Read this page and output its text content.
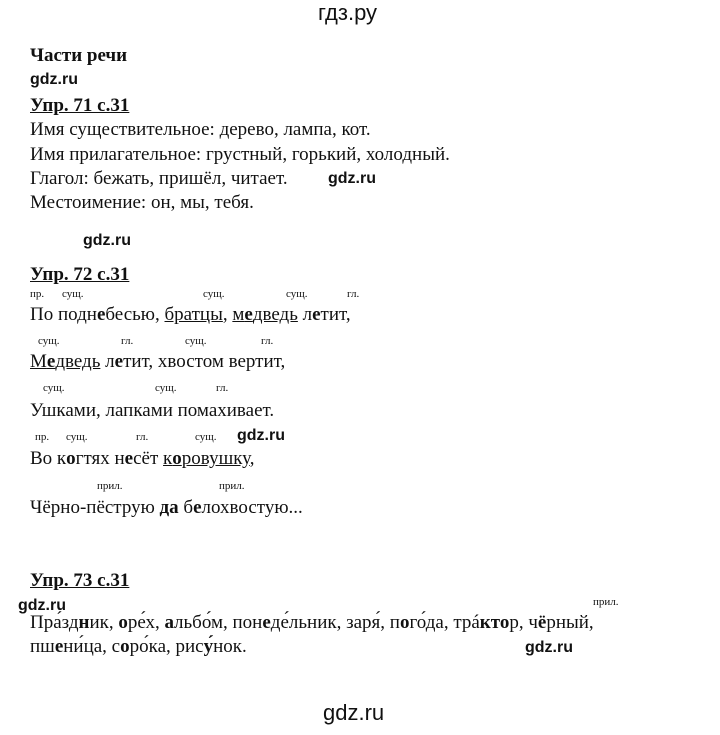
гдз.ру
gdz.ru
Части речи
gdz.ru
gdz.ru
gdz.ru
gdz.ru
gdz.ru
gdz.ru
Упр. 71 с.31
Имя существительное: дерево, лампа, кот.
Имя прилагательное: грустный, горький, холодный.
Глагол: бежать, пришёл, читает.
Местоимение: он, мы, тебя.
Упр. 72 с.31
пр. сущ.	сущ.	сущ.	гл.
По поднебесью, братцы, медведь летит,
сущ.	гл.	сущ.	гл.
Медведь летит, хвостом вертит,
сущ.	сущ.	гл.
Ушками, лапками помахивает.
пр. сущ.	гл.	сущ.
Во когтях несёт коровушку,
прил.	прил.
Чёрно-пёструю да белохвостую...
Упр. 73 с.31
прил.
Пра́здник, оре́х, альбо́м, понеде́льник, заря́, пого́да, трáктор, чёрный,
пшени́ца, соро́ка, рису́нок.
